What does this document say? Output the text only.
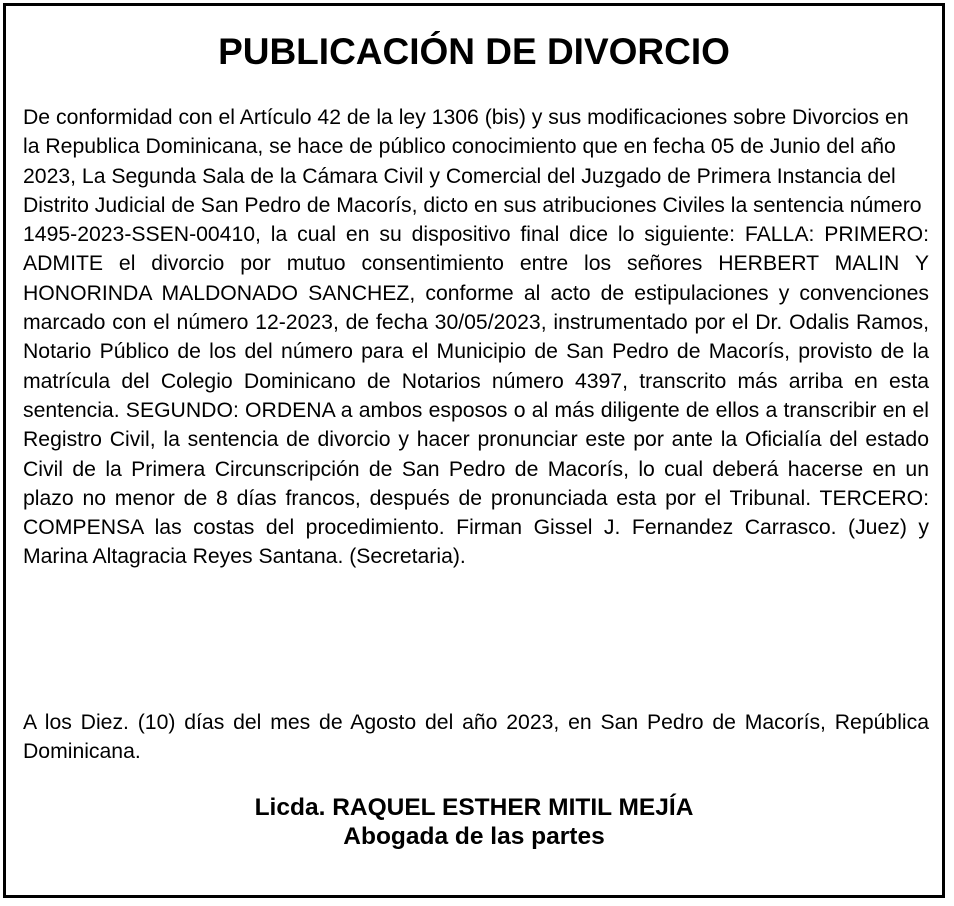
PUBLICACIÓN DE DIVORCIO
De conformidad con el Artículo 42 de la ley 1306 (bis) y sus modificaciones sobre Divorcios en la Republica Dominicana, se hace de público conocimiento que en fecha 05 de Junio del año 2023, La Segunda Sala de la Cámara Civil y Comercial del Juzgado de Primera Instancia del Distrito Judicial de San Pedro de Macorís, dicto en sus atribuciones Civiles la sentencia número
1495-2023-SSEN-00410, la cual en su dispositivo final dice lo siguiente: FALLA: PRIMERO: ADMITE el divorcio por mutuo consentimiento entre los señores HERBERT MALIN Y HONORINDA MALDONADO SANCHEZ, conforme al acto de estipulaciones y convenciones marcado con el número 12-2023, de fecha 30/05/2023, instrumentado por el Dr. Odalis Ramos, Notario Público de los del número para el Municipio de San Pedro de Macorís, provisto de la matrícula del Colegio Dominicano de Notarios número 4397, transcrito más arriba en esta sentencia. SEGUNDO: ORDENA a ambos esposos o al más diligente de ellos a transcribir en el Registro Civil, la sentencia de divorcio y hacer pronunciar este por ante la Oficialía del estado Civil de la Primera Circunscripción de San Pedro de Macorís, lo cual deberá hacerse en un plazo no menor de 8 días francos, después de pronunciada esta por el Tribunal. TERCERO: COMPENSA las costas del procedimiento. Firman Gissel J. Fernandez Carrasco. (Juez) y Marina Altagracia Reyes Santana. (Secretaria).
A los Diez. (10) días del mes de Agosto del año 2023, en San Pedro de Macorís, República Dominicana.
Licda. RAQUEL ESTHER MITIL MEJÍA
Abogada de las partes
